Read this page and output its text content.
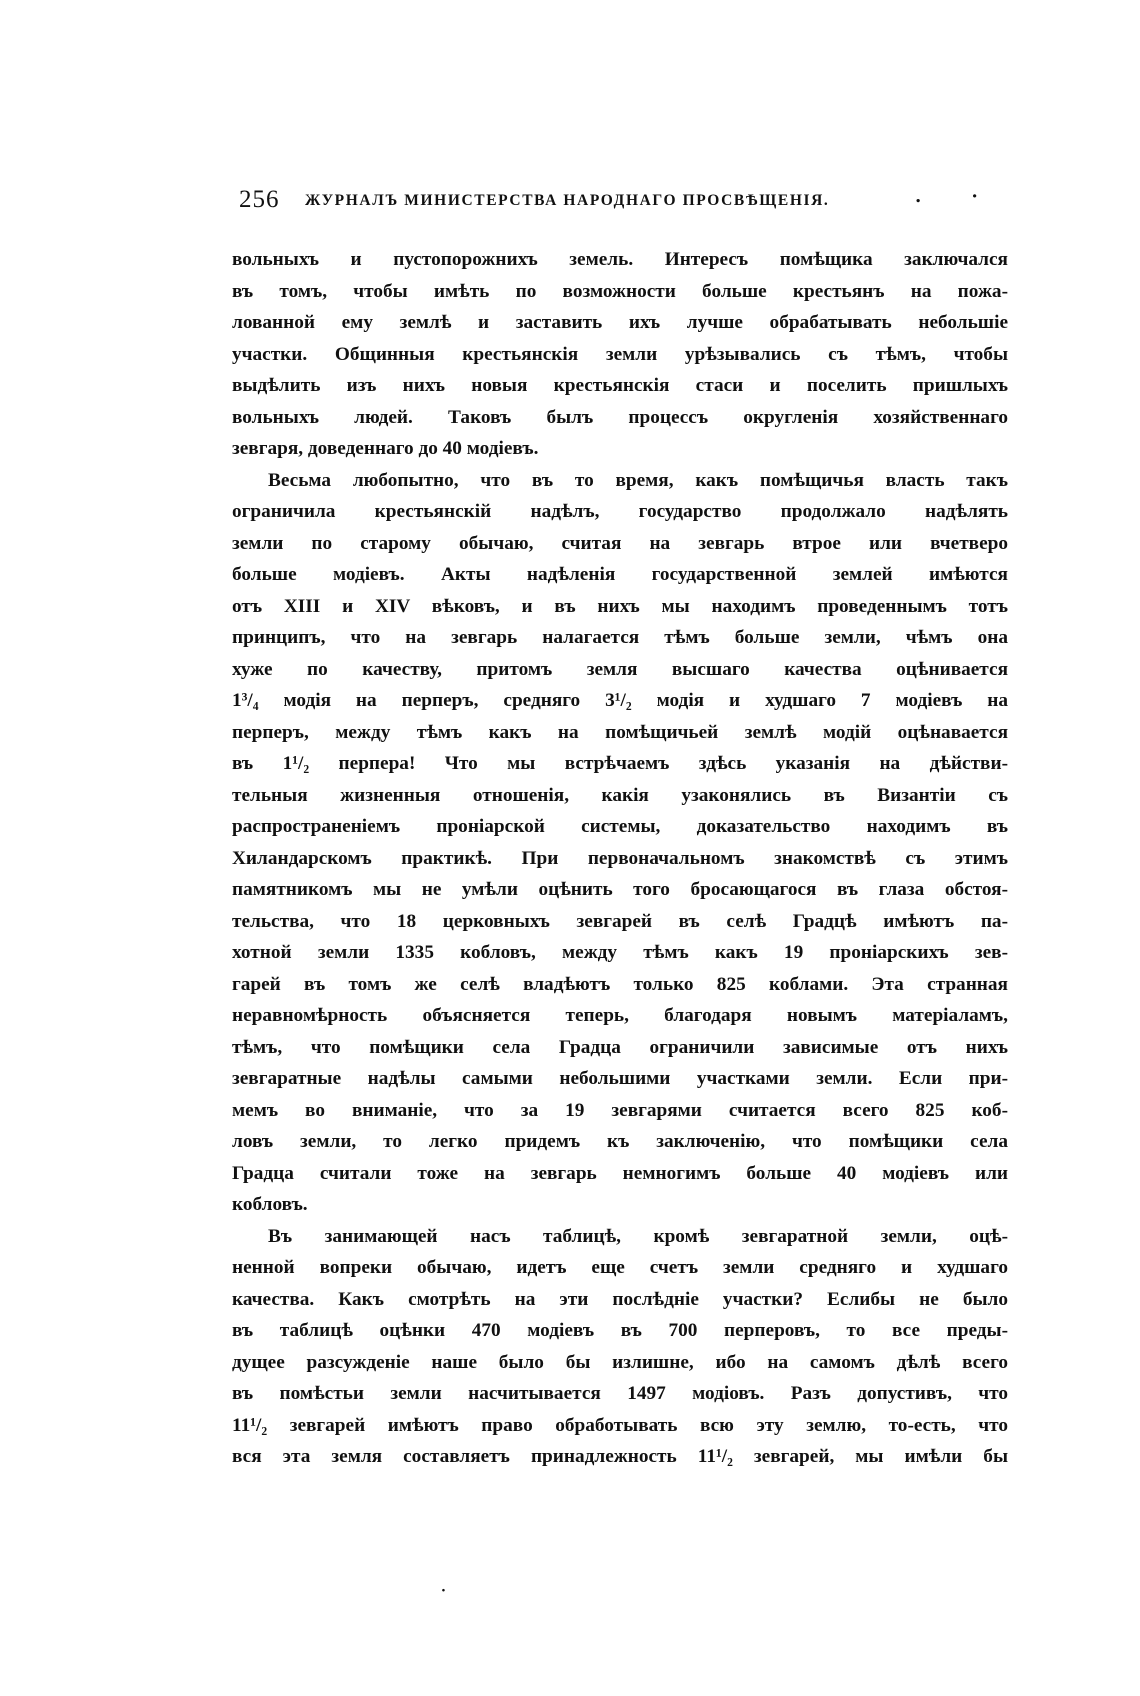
256 ЖУРНАЛЪ МИНИСТЕРСТВА НАРОДНАГО ПРОСВѢЩЕНІЯ.	. ·
вольныхъ и пустопорожнихъ земель. Интересъ помѣщика заключался
въ томъ, чтобы имѣть по возможности больше крестьянъ на пожа-
лованной ему землѣ и заставить ихъ лучше обрабатывать небольшіе
участки. Общинныя крестьянскія земли урѣзывались съ тѣмъ, чтобы
выдѣлить изъ нихъ новыя крестьянскія стаси и поселить пришлыхъ
вольныхъ людей. Таковъ былъ процессъ округленія хозяйственнаго
зевгаря, доведеннаго до 40 модіевъ.
Весьма любопытно, что въ то время, какъ помѣщичья власть такъ
ограничила крестьянскій надѣлъ, государство продолжало надѣлять
земли по старому обычаю, считая на зевгарь втрое или вчетверо
больше модіевъ. Акты надѣленія государственной землей имѣются
отъ XIII и XIV вѣковъ, и въ нихъ мы находимъ проведеннымъ тотъ
принципъ, что на зевгарь налагается тѣмъ больше земли, чѣмъ она
хуже по качеству, притомъ земля высшаго качества оцѣнивается
1³/₄ модія на перперъ, средняго 3¹/₂ модія и худшаго 7 модіевъ на
перперъ, между тѣмъ какъ на помѣщичьей землѣ модій оцѣнавается
въ 1¹/₂ перпера! Что мы встрѣчаемъ здѣсь указанія на дѣйстви-
тельныя жизненныя отношенія, какія узаконялись въ Византіи съ
распространеніемъ проніарской системы, доказательство находимъ въ
Хиландарскомъ практикѣ. При первоначальномъ знакомствѣ съ этимъ
памятникомъ мы не умѣли оцѣнить того бросающагося въ глаза обстоя-
тельства, что 18 церковныхъ зевгарей въ селѣ Градцѣ имѣютъ па-
хотной земли 1335 кобловъ, между тѣмъ какъ 19 проніарскихъ зев-
гарей въ томъ же селѣ владѣютъ только 825 коблами. Эта странная
неравномѣрность объясняется теперь, благодаря новымъ матеріаламъ,
тѣмъ, что помѣщики села Градца ограничили зависимые отъ нихъ
зевгаратные надѣлы самыми небольшими участками земли. Если при-
мемъ во вниманіе, что за 19 зевгарями считается всего 825 коб-
ловъ земли, то легко придемъ къ заключенію, что помѣщики села
Градца считали тоже на зевгарь немногимъ больше 40 модіевъ или
кобловъ.
Въ занимающей насъ таблицѣ, кромѣ зевгаратной земли, оцѣ-
ненной вопреки обычаю, идетъ еще счетъ земли средняго и худшаго
качества. Какъ смотрѣть на эти послѣдніе участки? Еслибы не было
въ таблицѣ оцѣнки 470 модіевъ въ 700 перперовъ, то все преды-
дущее разсужденіе наше было бы излишне, ибо на самомъ дѣлѣ всего
въ помѣстьи земли насчитывается 1497 модіовъ. Разъ допустивъ, что
11¹/₂ зевгарей имѣютъ право обработывать всю эту землю, то-есть, что
вся эта земля составляетъ принадлежность 11¹/₂ зевгарей, мы имѣли бы
·
